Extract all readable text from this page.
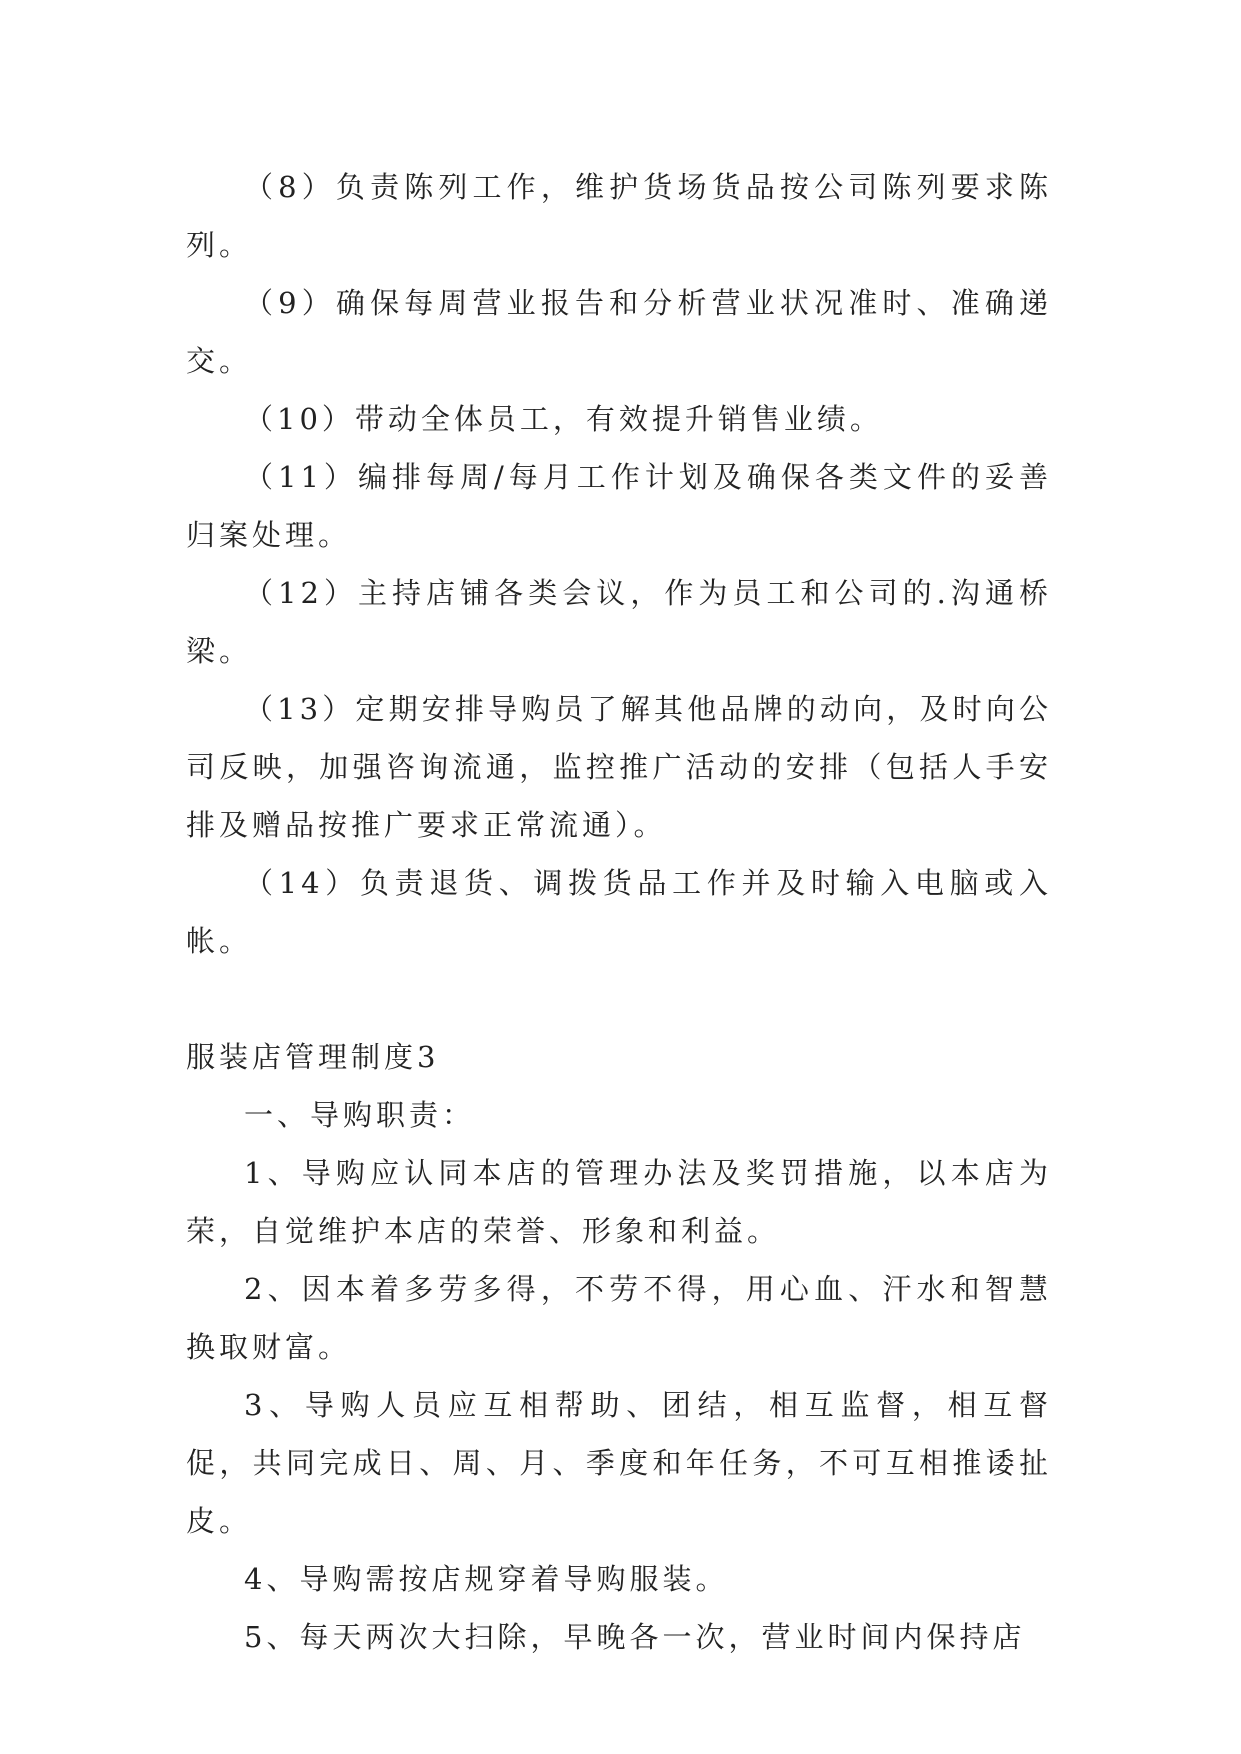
（8）负责陈列工作，维护货场货品按公司陈列要求陈列。

（9）确保每周营业报告和分析营业状况准时、准确递交。

（10）带动全体员工，有效提升销售业绩。

（11）编排每周/每月工作计划及确保各类文件的妥善归案处理。

（12）主持店铺各类会议，作为员工和公司的.沟通桥梁。

（13）定期安排导购员了解其他品牌的动向，及时向公司反映，加强咨询流通，监控推广活动的安排（包括人手安排及赠品按推广要求正常流通）。

（14）负责退货、调拨货品工作并及时输入电脑或入帐。

服装店管理制度3

一、导购职责：

1、导购应认同本店的管理办法及奖罚措施，以本店为荣，自觉维护本店的荣誉、形象和利益。

2、因本着多劳多得，不劳不得，用心血、汗水和智慧换取财富。

3、导购人员应互相帮助、团结，相互监督，相互督促，共同完成日、周、月、季度和年任务，不可互相推诿扯皮。

4、导购需按店规穿着导购服装。

5、每天两次大扫除，早晚各一次，营业时间内保持店
